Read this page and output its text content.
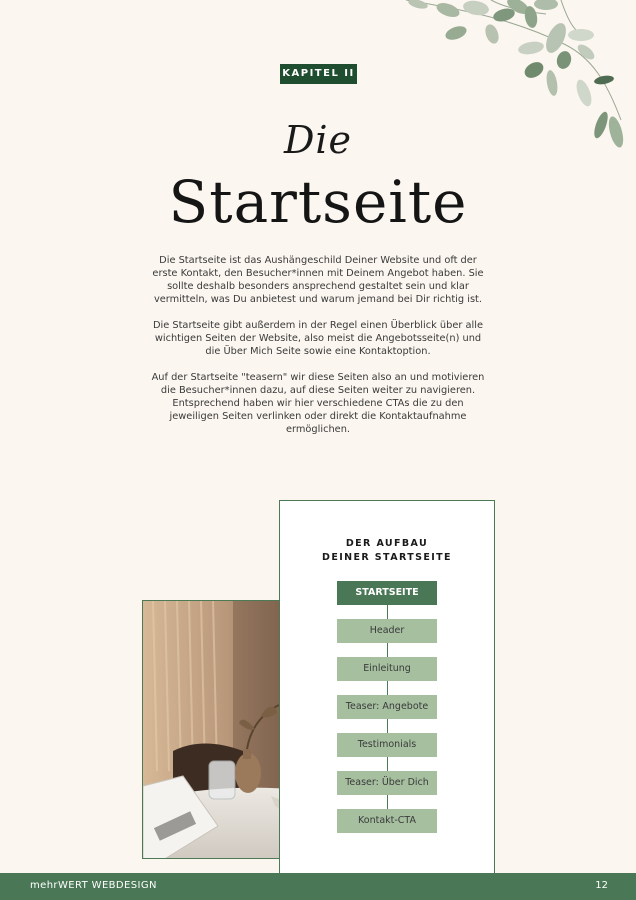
KAPITEL II
Die
Startseite

Die Startseite ist das Aushängeschild Deiner Website und oft der erste Kontakt, den Besucher*innen mit Deinem Angebot haben. Sie sollte deshalb besonders ansprechend gestaltet sein und klar vermitteln, was Du anbietest und warum jemand bei Dir richtig ist.

Die Startseite gibt außerdem in der Regel einen Überblick über alle wichtigen Seiten der Website, also meist die Angebotsseite(n) und die Über Mich Seite sowie eine Kontaktoption.

Auf der Startseite "teasern" wir diese Seiten also an und motivieren die Besucher*innen dazu, auf diese Seiten weiter zu navigieren. Entsprechend haben wir hier verschiedene CTAs die zu den jeweiligen Seiten verlinken oder direkt die Kontaktaufnahme ermöglichen.

DER AUFBAU
DEINER STARTSEITE
STARTSEITE
Header
Einleitung
Teaser: Angebote
Testimonials
Teaser: Über Dich
Kontakt-CTA
mehrWERT WEBDESIGN	12
